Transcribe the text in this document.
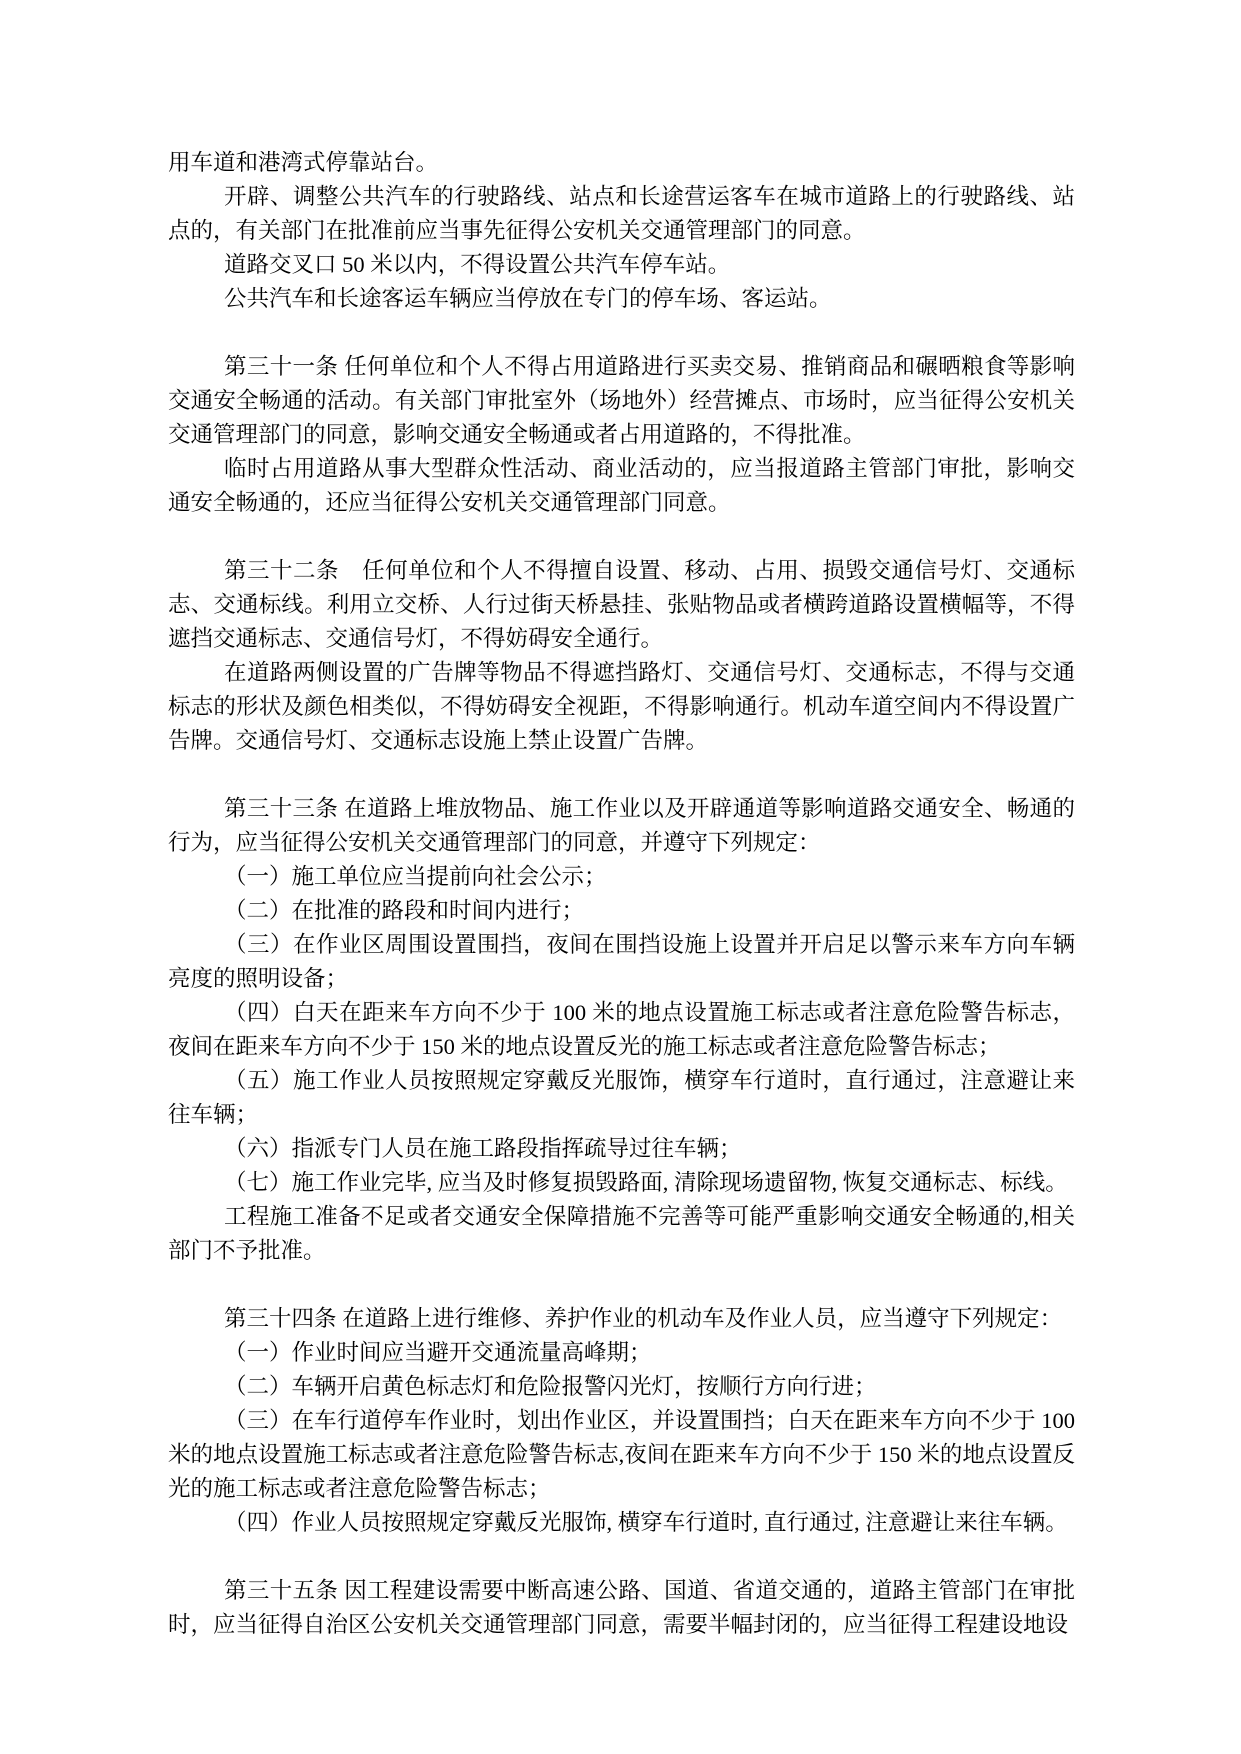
用车道和港湾式停靠站台。

开辟、调整公共汽车的行驶路线、站点和长途营运客车在城市道路上的行驶路线、站点的，有关部门在批准前应当事先征得公安机关交通管理部门的同意。

道路交叉口 50 米以内，不得设置公共汽车停车站。

公共汽车和长途客运车辆应当停放在专门的停车场、客运站。

第三十一条 任何单位和个人不得占用道路进行买卖交易、推销商品和碾晒粮食等影响交通安全畅通的活动。有关部门审批室外（场地外）经营摊点、市场时，应当征得公安机关交通管理部门的同意，影响交通安全畅通或者占用道路的，不得批准。

临时占用道路从事大型群众性活动、商业活动的，应当报道路主管部门审批，影响交通安全畅通的，还应当征得公安机关交通管理部门同意。

第三十二条　任何单位和个人不得擅自设置、移动、占用、损毁交通信号灯、交通标志、交通标线。利用立交桥、人行过街天桥悬挂、张贴物品或者横跨道路设置横幅等，不得遮挡交通标志、交通信号灯，不得妨碍安全通行。

在道路两侧设置的广告牌等物品不得遮挡路灯、交通信号灯、交通标志，不得与交通标志的形状及颜色相类似，不得妨碍安全视距，不得影响通行。机动车道空间内不得设置广告牌。交通信号灯、交通标志设施上禁止设置广告牌。

第三十三条 在道路上堆放物品、施工作业以及开辟通道等影响道路交通安全、畅通的行为，应当征得公安机关交通管理部门的同意，并遵守下列规定：

（一）施工单位应当提前向社会公示；

（二）在批准的路段和时间内进行；

（三）在作业区周围设置围挡，夜间在围挡设施上设置并开启足以警示来车方向车辆亮度的照明设备；

（四）白天在距来车方向不少于 100 米的地点设置施工标志或者注意危险警告标志，夜间在距来车方向不少于 150 米的地点设置反光的施工标志或者注意危险警告标志；

（五）施工作业人员按照规定穿戴反光服饰，横穿车行道时，直行通过，注意避让来往车辆；

（六）指派专门人员在施工路段指挥疏导过往车辆；

（七）施工作业完毕, 应当及时修复损毁路面, 清除现场遗留物, 恢复交通标志、标线。

工程施工准备不足或者交通安全保障措施不完善等可能严重影响交通安全畅通的,相关部门不予批准。

第三十四条 在道路上进行维修、养护作业的机动车及作业人员，应当遵守下列规定：

（一）作业时间应当避开交通流量高峰期；

（二）车辆开启黄色标志灯和危险报警闪光灯，按顺行方向行进；

（三）在车行道停车作业时，划出作业区，并设置围挡；白天在距来车方向不少于 100 米的地点设置施工标志或者注意危险警告标志,夜间在距来车方向不少于 150 米的地点设置反光的施工标志或者注意危险警告标志；

（四）作业人员按照规定穿戴反光服饰, 横穿车行道时, 直行通过, 注意避让来往车辆。

第三十五条 因工程建设需要中断高速公路、国道、省道交通的，道路主管部门在审批时，应当征得自治区公安机关交通管理部门同意，需要半幅封闭的，应当征得工程建设地设
